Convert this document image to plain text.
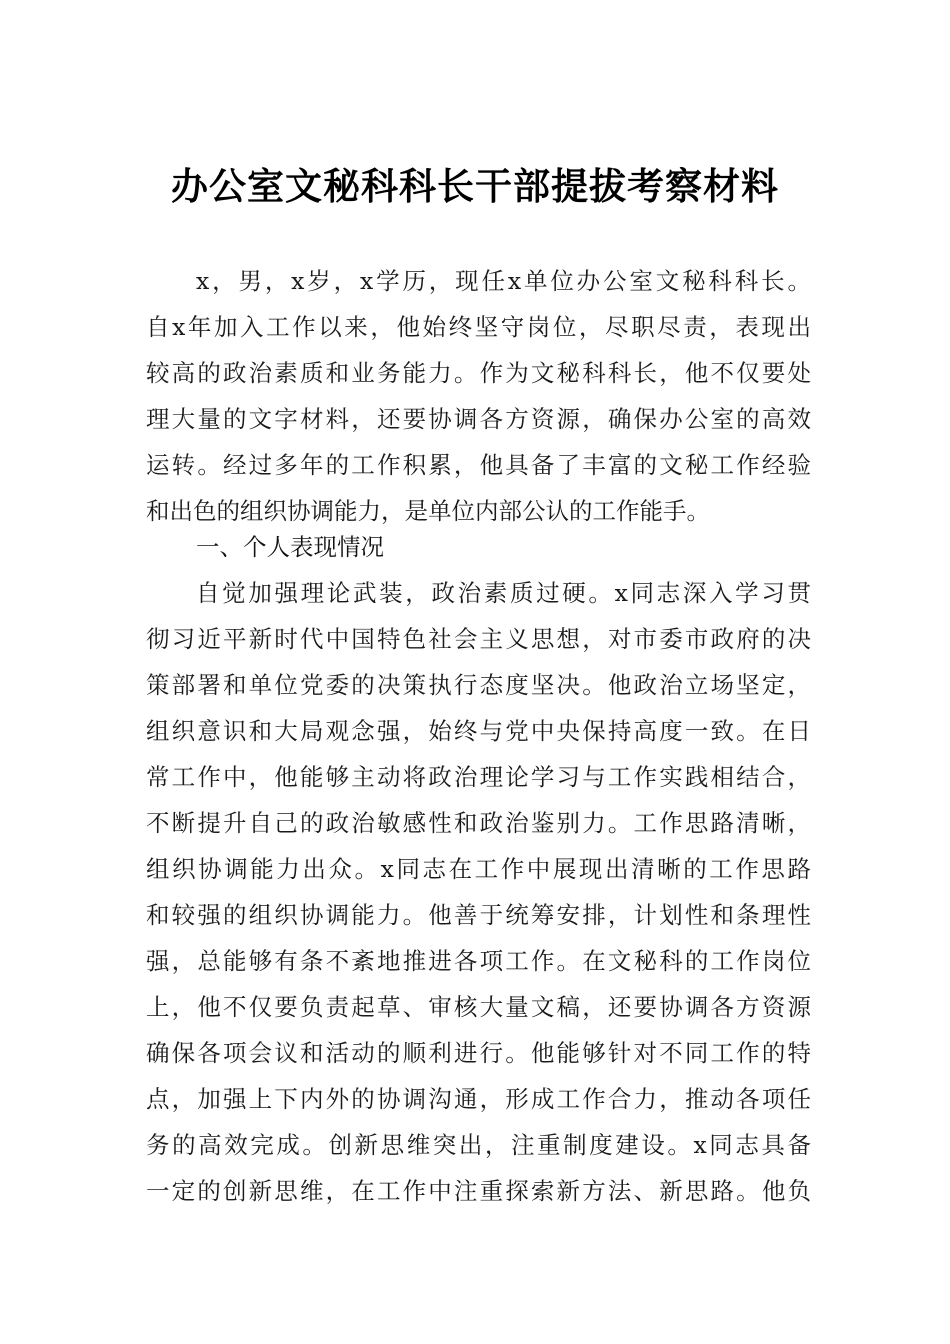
办公室文秘科科长干部提拔考察材料

x，男，x岁，x学历，现任x单位办公室文秘科科长。

自x年加入工作以来，他始终坚守岗位，尽职尽责，表现出

较高的政治素质和业务能力。作为文秘科科长，他不仅要处

理大量的文字材料，还要协调各方资源，确保办公室的高效

运转。经过多年的工作积累，他具备了丰富的文秘工作经验

和出色的组织协调能力，是单位内部公认的工作能手。

一、个人表现情况

自觉加强理论武装，政治素质过硬。x同志深入学习贯

彻习近平新时代中国特色社会主义思想，对市委市政府的决

策部署和单位党委的决策执行态度坚决。他政治立场坚定，

组织意识和大局观念强，始终与党中央保持高度一致。在日

常工作中，他能够主动将政治理论学习与工作实践相结合，

不断提升自己的政治敏感性和政治鉴别力。工作思路清晰，

组织协调能力出众。x同志在工作中展现出清晰的工作思路

和较强的组织协调能力。他善于统筹安排，计划性和条理性

强，总能够有条不紊地推进各项工作。在文秘科的工作岗位

上，他不仅要负责起草、审核大量文稿，还要协调各方资源

确保各项会议和活动的顺利进行。他能够针对不同工作的特

点，加强上下内外的协调沟通，形成工作合力，推动各项任

务的高效完成。创新思维突出，注重制度建设。x同志具备

一定的创新思维，在工作中注重探索新方法、新思路。他负
